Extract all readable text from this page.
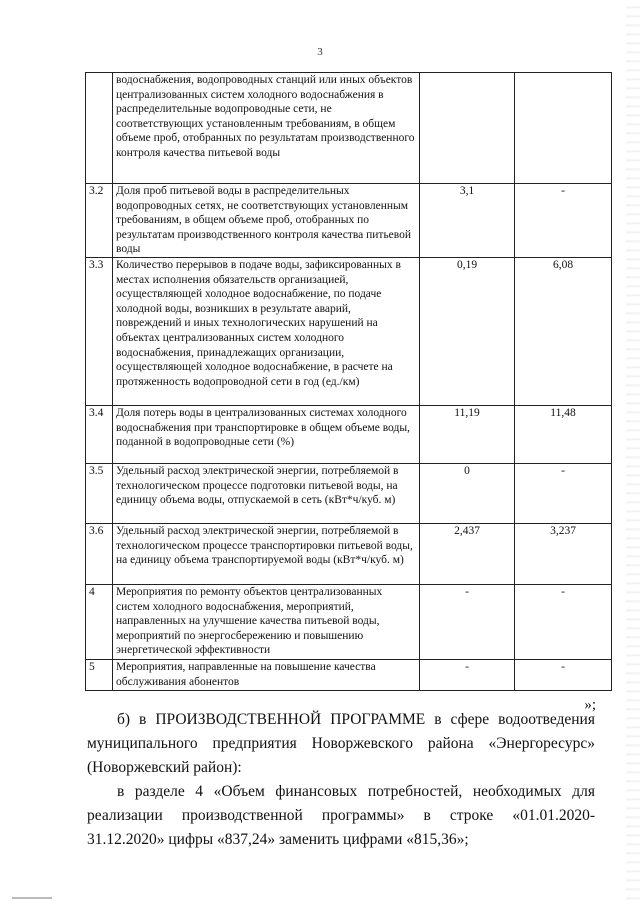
3
	водоснабжения, водопроводных станций или иных объектов централизованных систем холодного водоснабжения в распределительные водопроводные сети, не соответствующих установленным требованиям, в общем объеме проб, отобранных по результатам производственного контроля качества питьевой воды		
3.2	Доля проб питьевой воды в распределительных водопроводных сетях, не соответствующих установленным требованиям, в общем объеме проб, отобранных по результатам производственного контроля качества питьевой воды	3,1	-
3.3	Количество перерывов в подаче воды, зафиксированных в местах исполнения обязательств организацией, осуществляющей холодное водоснабжение, по подаче холодной воды, возникших в результате аварий, повреждений и иных технологических нарушений на объектах централизованных систем холодного водоснабжения, принадлежащих организации, осуществляющей холодное водоснабжение, в расчете на протяженность водопроводной сети в год (ед./км)	0,19	6,08
3.4	Доля потерь воды в централизованных системах холодного водоснабжения при транспортировке в общем объеме воды, поданной в водопроводные сети (%)	11,19	11,48
3.5	Удельный расход электрической энергии, потребляемой в технологическом процессе подготовки питьевой воды, на единицу объема воды, отпускаемой в сеть (кВт*ч/куб. м)	0	-
3.6	Удельный расход электрической энергии, потребляемой в технологическом процессе транспортировки питьевой воды, на единицу объема транспортируемой воды (кВт*ч/куб. м)	2,437	3,237
4	Мероприятия по ремонту объектов централизованных систем холодного водоснабжения, мероприятий, направленных на улучшение качества питьевой воды, мероприятий по энергосбережению и повышению энергетической эффективности	-	-
5	Мероприятия, направленные на повышение качества обслуживания абонентов	-	-
»;
б) в ПРОИЗВОДСТВЕННОЙ ПРОГРАММЕ в сфере водоотведения муниципального предприятия Новоржевского района «Энергоресурс» (Новоржевский район):
в разделе 4 «Объем финансовых потребностей, необходимых для реализации производственной программы» в строке «01.01.2020-31.12.2020» цифры «837,24» заменить цифрами «815,36»;
